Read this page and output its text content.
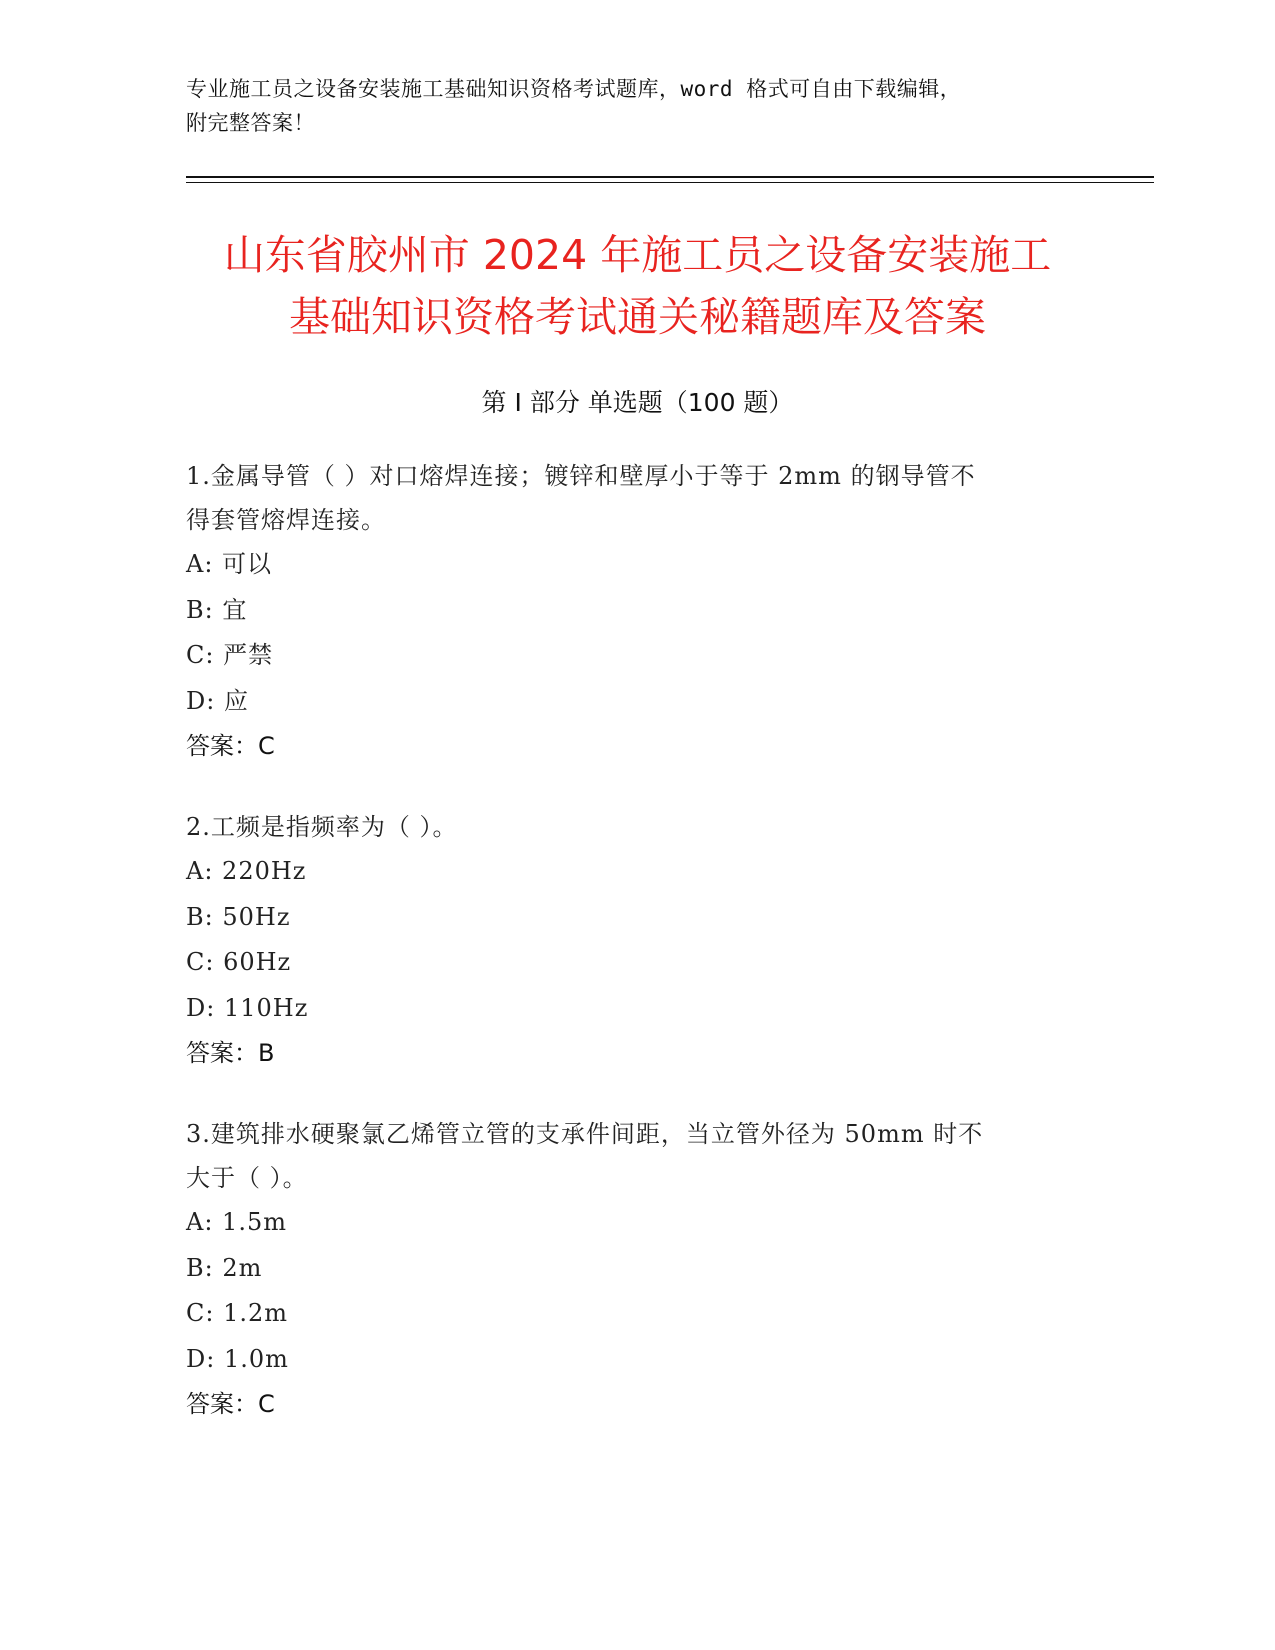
专业施工员之设备安装施工基础知识资格考试题库，word 格式可自由下载编辑，
附完整答案！
山东省胶州市 2024 年施工员之设备安装施工
基础知识资格考试通关秘籍题库及答案
第 I 部分 单选题（100 题）
1.金属导管（ ）对口熔焊连接；镀锌和壁厚小于等于 2mm 的钢导管不
得套管熔焊连接。
A: 可以
B: 宜
C: 严禁
D: 应
答案：C
2.工频是指频率为（ ）。
A: 220Hz
B: 50Hz
C: 60Hz
D: 110Hz
答案：B
3.建筑排水硬聚氯乙烯管立管的支承件间距，当立管外径为 50mm 时不
大于（ ）。
A: 1.5m
B: 2m
C: 1.2m
D: 1.0m
答案：C
